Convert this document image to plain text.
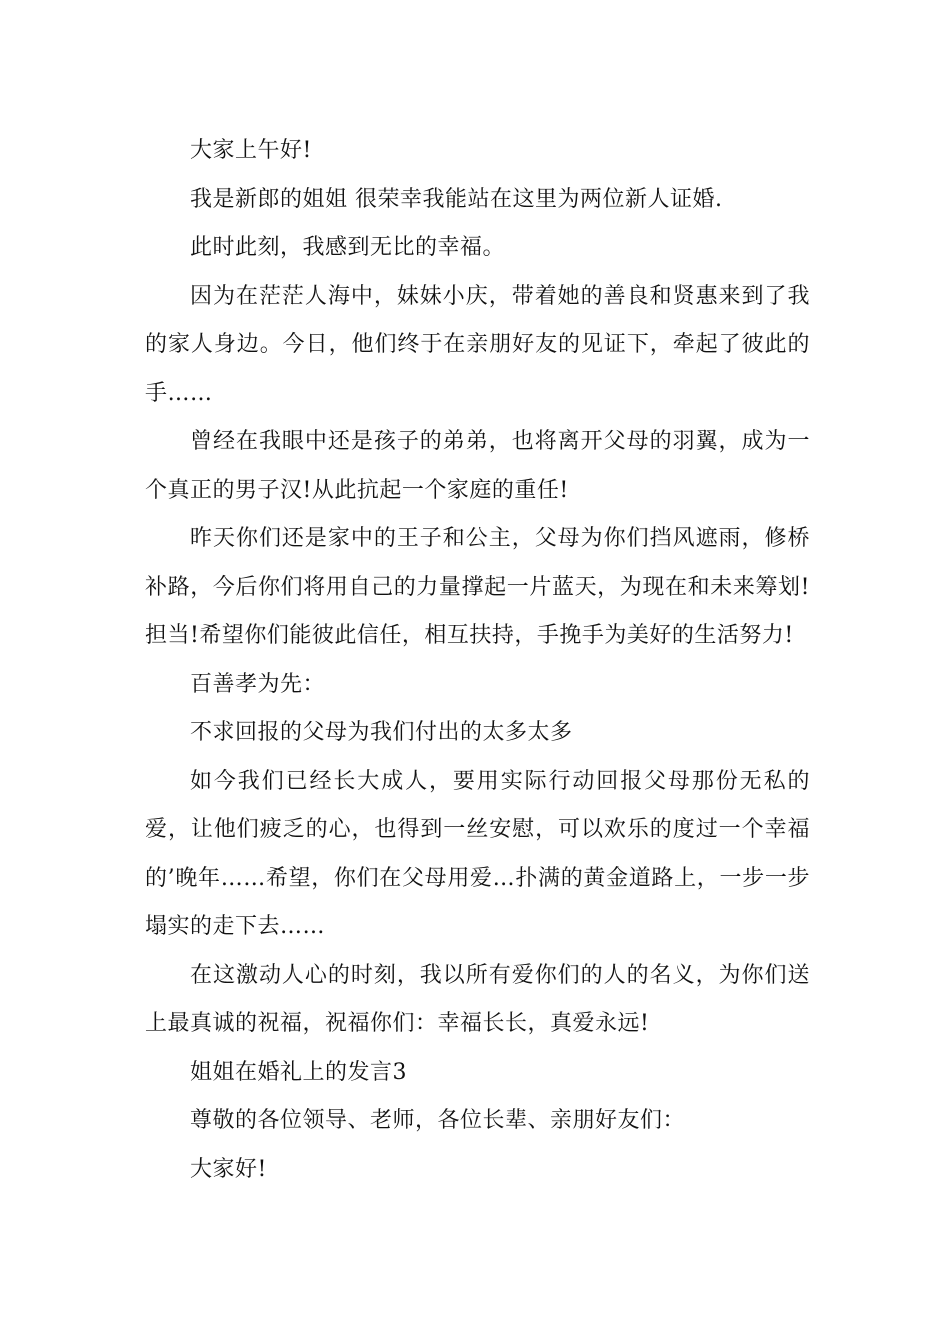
大家上午好!

我是新郎的姐姐 很荣幸我能站在这里为两位新人证婚.

此时此刻，我感到无比的幸福。

因为在茫茫人海中，妹妹小庆，带着她的善良和贤惠来到了我的家人身边。今日，他们终于在亲朋好友的见证下，牵起了彼此的手……

曾经在我眼中还是孩子的弟弟，也将离开父母的羽翼，成为一个真正的男子汉!从此抗起一个家庭的重任!

昨天你们还是家中的王子和公主，父母为你们挡风遮雨，修桥补路，今后你们将用自己的力量撑起一片蓝天，为现在和未来筹划!担当!希望你们能彼此信任，相互扶持，手挽手为美好的生活努力!

百善孝为先：

不求回报的父母为我们付出的太多太多

如今我们已经长大成人，要用实际行动回报父母那份无私的爱，让他们疲乏的心，也得到一丝安慰，可以欢乐的度过一个幸福的’晚年……希望，你们在父母用爱…扑满的黄金道路上，一步一步塌实的走下去……

在这激动人心的时刻，我以所有爱你们的人的名义，为你们送上最真诚的祝福，祝福你们：幸福长长，真爱永远!

姐姐在婚礼上的发言3

尊敬的各位领导、老师，各位长辈、亲朋好友们：

大家好!
